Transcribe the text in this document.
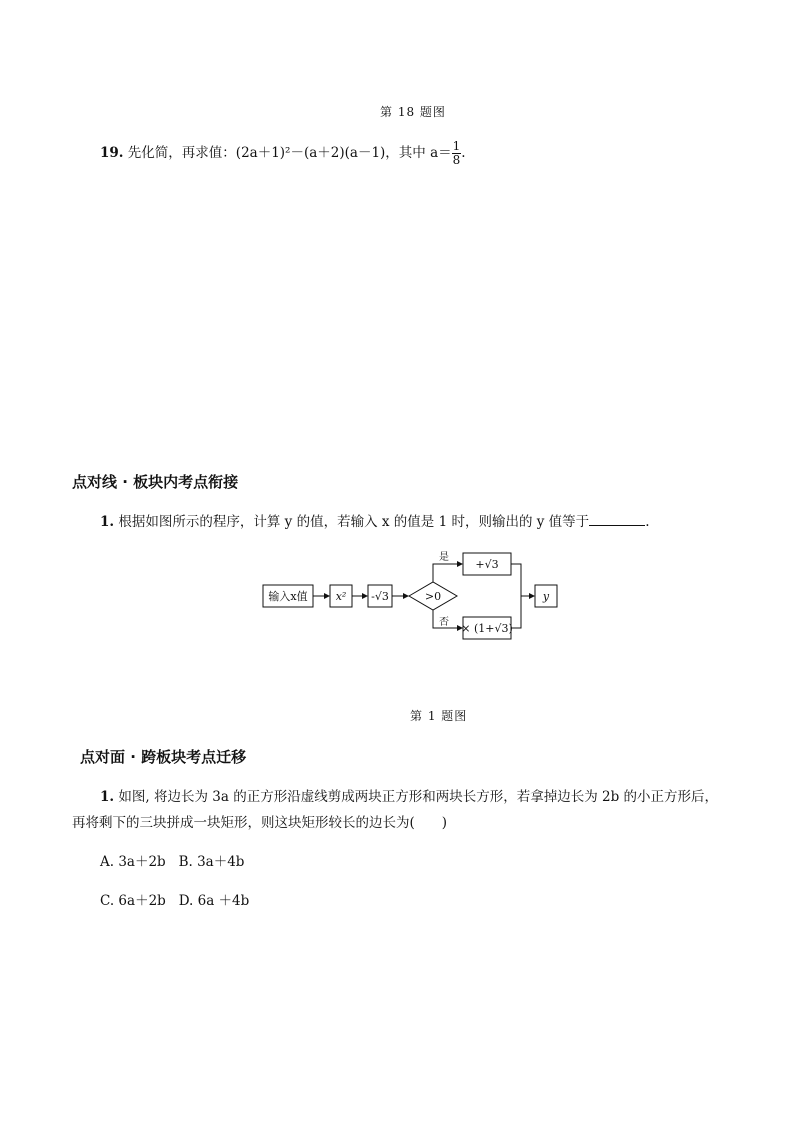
第 18 题图
19. 先化简，再求值：(2a＋1)²－(a＋2)(a－1)，其中 $a= \frac{1}{8}$ .
点对线 · 板块内考点衔接
1. 根据如图所示的程序，计算 y 的值，若输入 x 的值是 1 时，则输出的 y 值等于	.
输入x值	x² -√3	>0
是
否
+√3
× (1+√3)
y
第 1 题图
点对面 · 跨板块考点迁移
1. 如图, 将边长为 3a 的正方形沿虚线剪成两块正方形和两块长方形，若拿掉边长为 2b 的小正方形后，
再将剩下的三块拼成一块矩形，则这块矩形较长的边长为(　　)
A. 3a＋2b B. 3a＋4b
C. 6a＋2b D. 6a ＋4b
